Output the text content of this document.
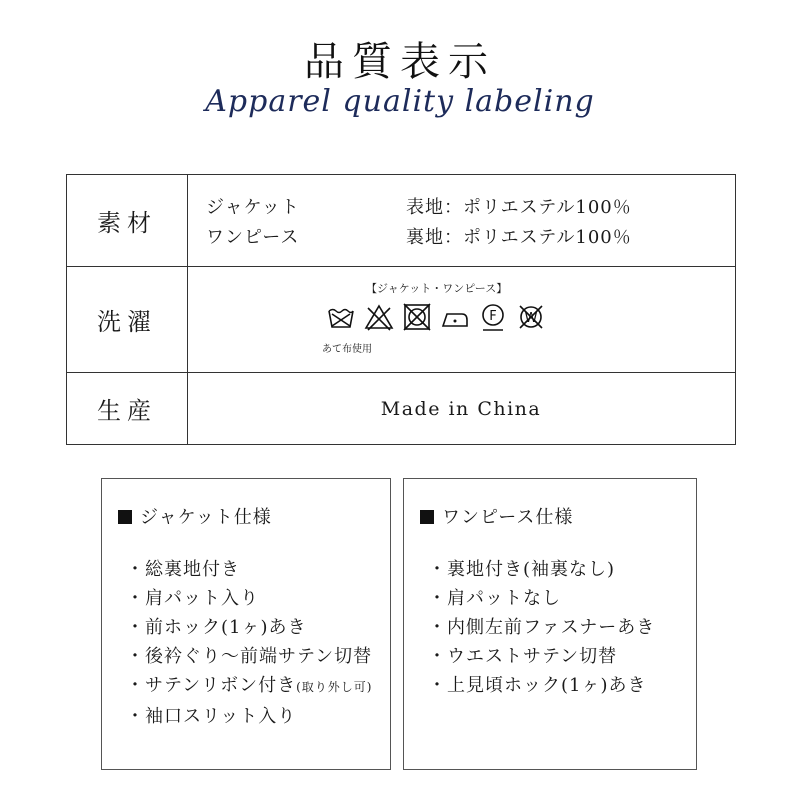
品質表示
Apparel quality labeling
素材	ジャケット 表地：ポリエステル100％
ワンピース 裏地：ポリエステル100％

洗濯	【ジャケット・ワンピース】
F W
あて布使用

生産	Made in China
ジャケット仕様
・総裏地付き
・肩パット入り
・前ホック(1ヶ)あき
・後衿ぐり～前端サテン切替
・サテンリボン付き(取り外し可)
・袖口スリット入り
ワンピース仕様
・裏地付き(袖裏なし)
・肩パットなし
・内側左前ファスナーあき
・ウエストサテン切替
・上見頃ホック(1ヶ)あき
